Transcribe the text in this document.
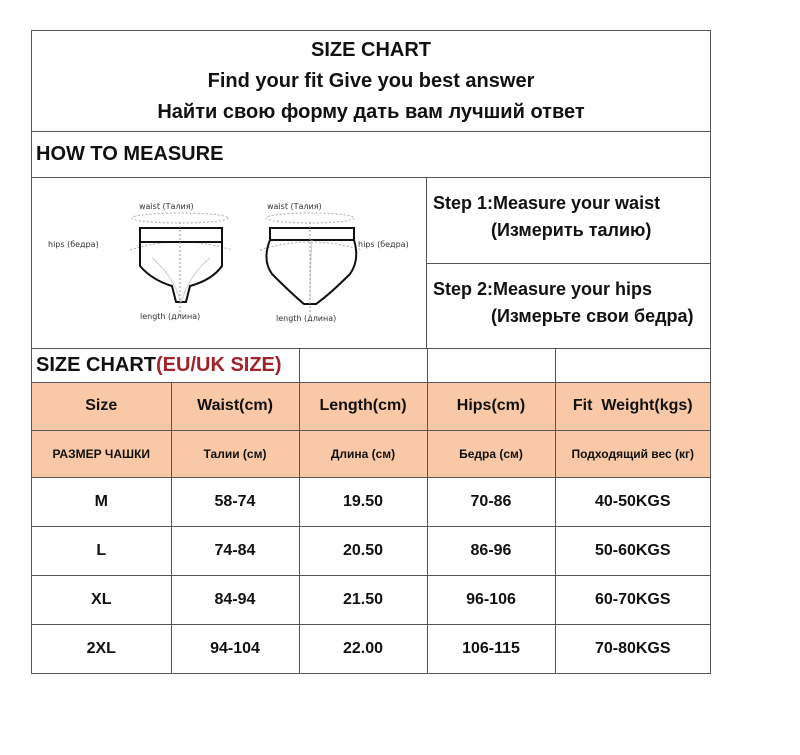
SIZE CHART
Find your fit Give you best answer
Найти свою форму дать вам лучший ответ
HOW TO MEASURE
waist (Талия)	waist (Талия)
hips (бедра)	hips (бедра)
length (длина)	length (длина)
Step 1:Measure your waist
(Измерить талию)
Step 2:Measure your hips
(Измерьте свои бедра)
SIZE CHART(EU/UK SIZE)				
Size	Waist(cm)	Length(cm)	Hips(cm)	Fit  Weight(kgs)
РАЗМЕР ЧАШКИ	Талии (см)	Длина (см)	Бедра (см)	Подходящий вес (кг)
M	58-74	19.50	70-86	40-50KGS
L	74-84	20.50	86-96	50-60KGS
XL	84-94	21.50	96-106	60-70KGS
2XL	94-104	22.00	106-115	70-80KGS
